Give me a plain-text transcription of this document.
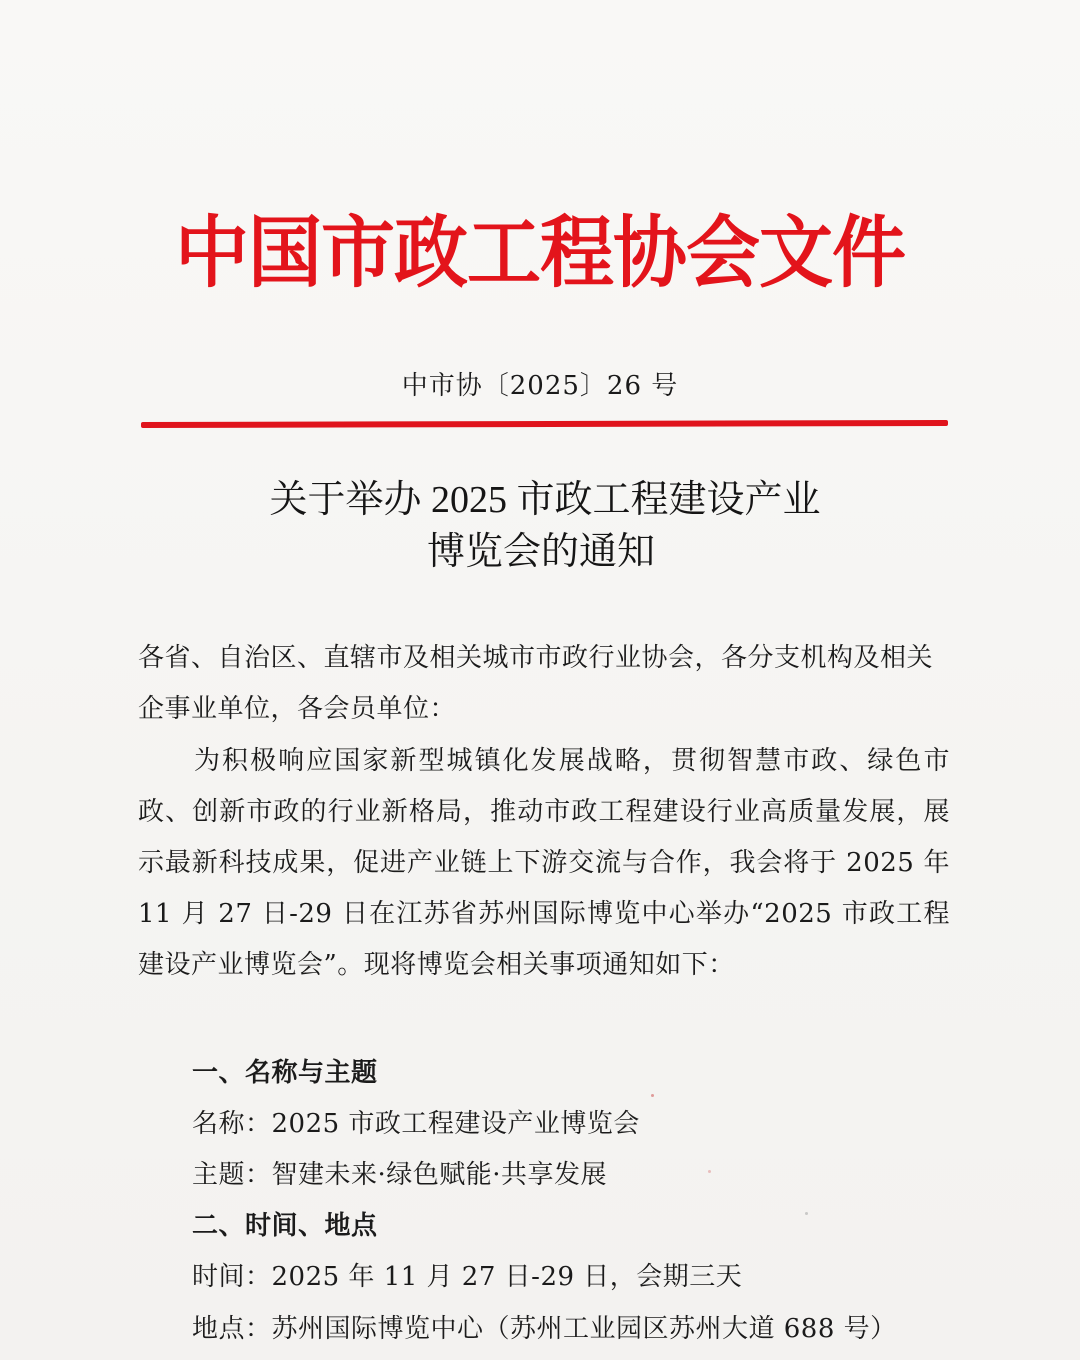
中国市政工程协会文件
中市协〔2025〕26 号
关于举办 2025 市政工程建设产业
博览会的通知
各省、自治区、直辖市及相关城市市政行业协会，各分支机构及相关企事业单位，各会员单位：
为积极响应国家新型城镇化发展战略，贯彻智慧市政、绿色市政、创新市政的行业新格局，推动市政工程建设行业高质量发展，展示最新科技成果，促进产业链上下游交流与合作，我会将于 2025 年 11 月 27 日-29 日在江苏省苏州国际博览中心举办“2025 市政工程建设产业博览会”。现将博览会相关事项通知如下：
一、名称与主题
名称：2025 市政工程建设产业博览会
主题：智建未来·绿色赋能·共享发展
二、时间、地点
时间：2025 年 11 月 27 日-29 日，会期三天
地点：苏州国际博览中心（苏州工业园区苏州大道 688 号）
